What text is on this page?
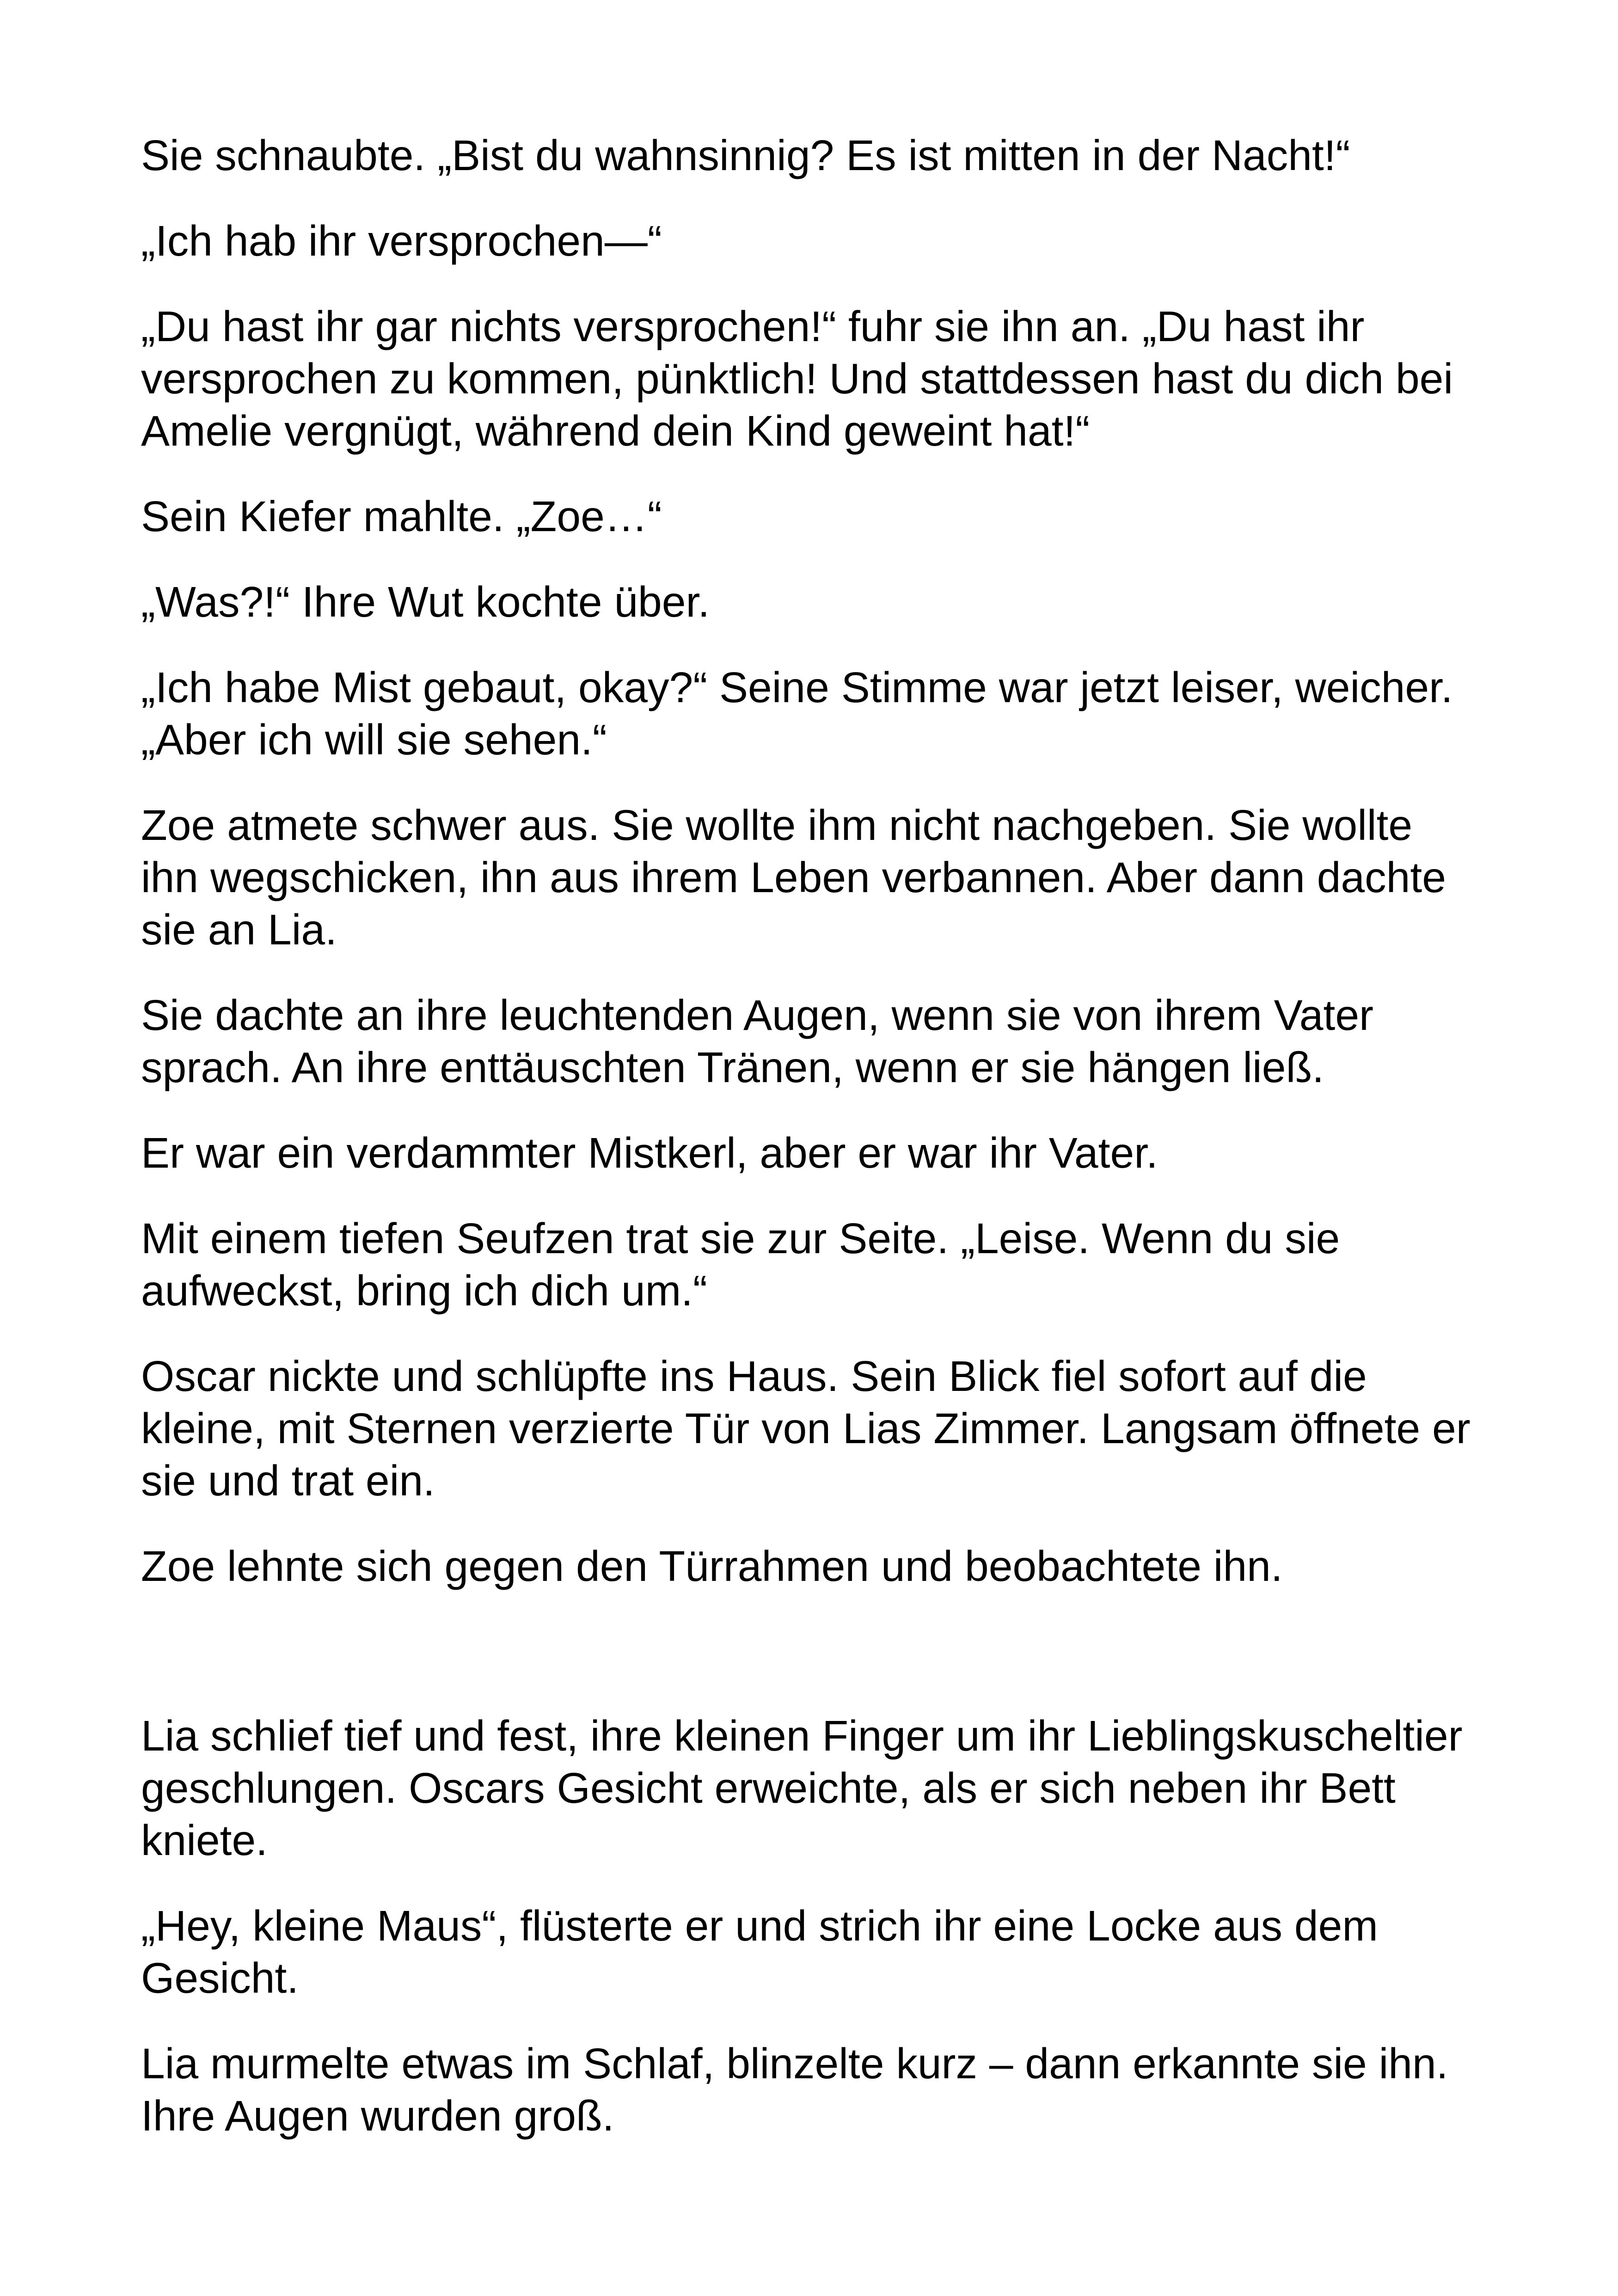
Sie schnaubte. „Bist du wahnsinnig? Es ist mitten in der Nacht!“

„Ich hab ihr versprochen—“

„Du hast ihr gar nichts versprochen!“ fuhr sie ihn an. „Du hast ihr versprochen zu kommen, pünktlich! Und stattdessen hast du dich bei Amelie vergnügt, während dein Kind geweint hat!“

Sein Kiefer mahlte. „Zoe…“

„Was?!“ Ihre Wut kochte über.

„Ich habe Mist gebaut, okay?“ Seine Stimme war jetzt leiser, weicher. „Aber ich will sie sehen.“

Zoe atmete schwer aus. Sie wollte ihm nicht nachgeben. Sie wollte ihn wegschicken, ihn aus ihrem Leben verbannen. Aber dann dachte sie an Lia.

Sie dachte an ihre leuchtenden Augen, wenn sie von ihrem Vater sprach. An ihre enttäuschten Tränen, wenn er sie hängen ließ.

Er war ein verdammter Mistkerl, aber er war ihr Vater.

Mit einem tiefen Seufzen trat sie zur Seite. „Leise. Wenn du sie aufweckst, bring ich dich um.“

Oscar nickte und schlüpfte ins Haus. Sein Blick fiel sofort auf die kleine, mit Sternen verzierte Tür von Lias Zimmer. Langsam öffnete er sie und trat ein.

Zoe lehnte sich gegen den Türrahmen und beobachtete ihn.

Lia schlief tief und fest, ihre kleinen Finger um ihr Lieblingskuscheltier geschlungen. Oscars Gesicht erweichte, als er sich neben ihr Bett kniete.

„Hey, kleine Maus“, flüsterte er und strich ihr eine Locke aus dem Gesicht.

Lia murmelte etwas im Schlaf, blinzelte kurz – dann erkannte sie ihn. Ihre Augen wurden groß.
